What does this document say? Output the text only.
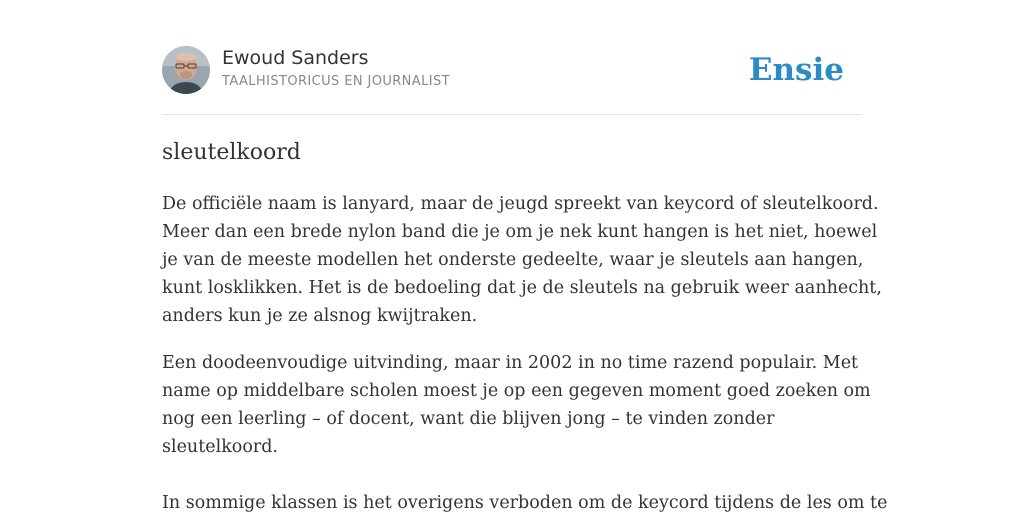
Ewoud Sanders
TAALHISTORICUS EN JOURNALIST	Ensie
sleutelkoord

De officiële naam is lanyard, maar de jeugd spreekt van keycord of sleutelkoord.
Meer dan een brede nylon band die je om je nek kunt hangen is het niet, hoewel
je van de meeste modellen het onderste gedeelte, waar je sleutels aan hangen,
kunt losklikken. Het is de bedoeling dat je de sleutels na gebruik weer aanhecht,
anders kun je ze alsnog kwijtraken.

Een doodeenvoudige uitvinding, maar in 2002 in no time razend populair. Met
name op middelbare scholen moest je op een gegeven moment goed zoeken om
nog een leerling – of docent, want die blijven jong – te vinden zonder
sleutelkoord.

In sommige klassen is het overigens verboden om de keycord tijdens de les om te
